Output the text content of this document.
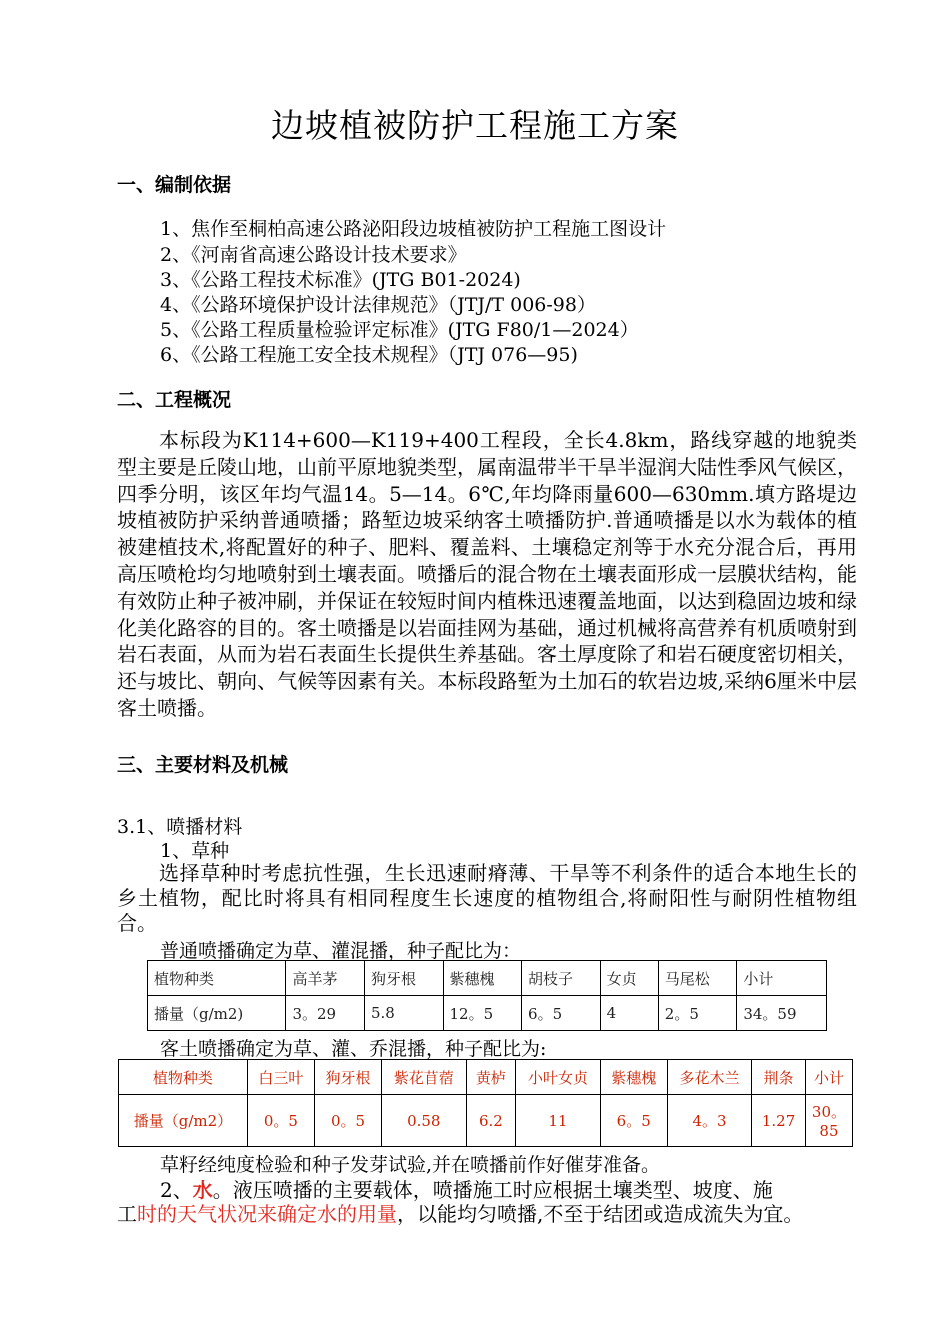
边坡植被防护工程施工方案
一、编制依据
1、焦作至桐柏高速公路泌阳段边坡植被防护工程施工图设计
2、《河南省高速公路设计技术要求》
3、《公路工程技术标准》(JTG B01-2024)
4、《公路环境保护设计法律规范》（JTJ/T 006-98）
5、《公路工程质量检验评定标准》(JTG F80/1—2024）
6、《公路工程施工安全技术规程》（JTJ 076—95)
二、工程概况
本标段为K114+600—K119+400工程段，全长4.8km，路线穿越的地貌类型主要是丘陵山地，山前平原地貌类型，属南温带半干旱半湿润大陆性季风气候区，四季分明，该区年均气温14。5—14。6℃,年均降雨量600—630mm.填方路堤边坡植被防护采纳普通喷播；路堑边坡采纳客土喷播防护.普通喷播是以水为载体的植被建植技术,将配置好的种子、肥料、覆盖料、土壤稳定剂等于水充分混合后，再用高压喷枪均匀地喷射到土壤表面。喷播后的混合物在土壤表面形成一层膜状结构，能有效防止种子被冲刷，并保证在较短时间内植株迅速覆盖地面，以达到稳固边坡和绿化美化路容的目的。客土喷播是以岩面挂网为基础，通过机械将高营养有机质喷射到岩石表面，从而为岩石表面生长提供生养基础。客土厚度除了和岩石硬度密切相关，还与坡比、朝向、气候等因素有关。本标段路堑为土加石的软岩边坡,采纳6厘米中层客土喷播。
三、主要材料及机械
3.1、喷播材料
1、草种
选择草种时考虑抗性强，生长迅速耐瘠薄、干旱等不利条件的适合本地生长的乡土植物，配比时将具有相同程度生长速度的植物组合,将耐阳性与耐阴性植物组合。
普通喷播确定为草、灌混播，种子配比为：
植物种类	高羊茅	狗牙根	紫穗槐	胡枝子	女贞	马尾松	小计
播量（g/m2)	3。29	5.8	12。5	6。5	4	2。5	34。59
客土喷播确定为草、灌、乔混播，种子配比为:
植物种类	白三叶	狗牙根	紫花苜蓿	黄栌	小叶女贞	紫穗槐	多花木兰	荆条	小计
播量（g/m2）	0。5	0。5	0.58	6.2	11	6。5	4。3	1.27	30。85
草籽经纯度检验和种子发芽试验,并在喷播前作好催芽准备。
2、水。液压喷播的主要载体，喷播施工时应根据土壤类型、坡度、施
工时的天气状况来确定水的用量，以能均匀喷播,不至于结团或造成流失为宜。
